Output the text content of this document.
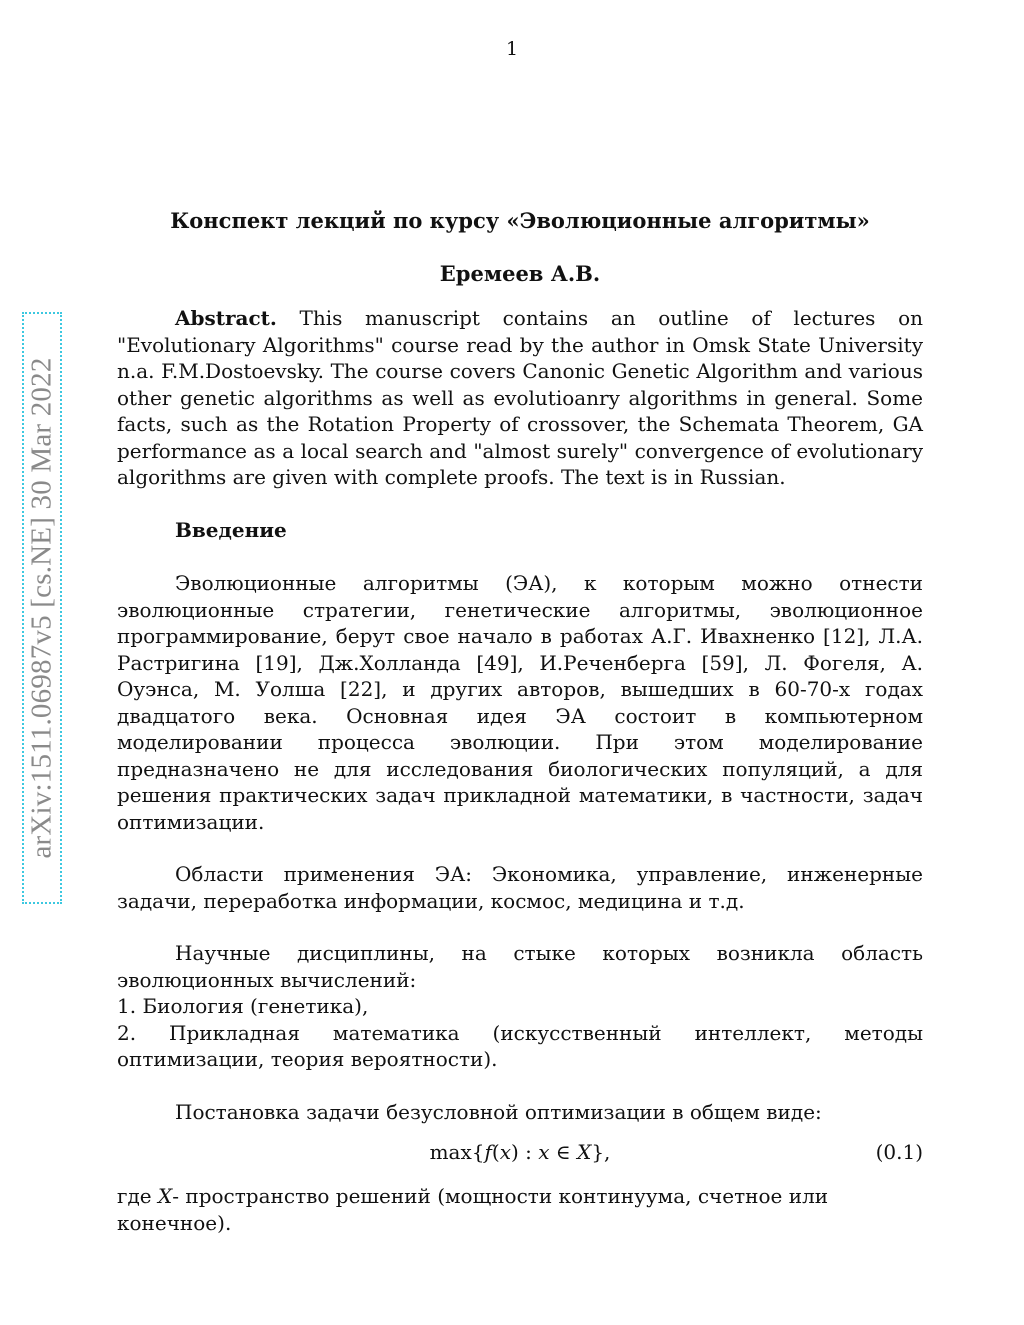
1
arXiv:1511.06987v5 [cs.NE] 30 Mar 2022
Конспект лекций по курсу «Эволюционные алгоритмы»
Еремеев А.В.

Abstract. This manuscript contains an outline of lectures on "Evolutionary Algorithms" course read by the author in Omsk State University n.a. F.M.Dostoevsky. The course covers Canonic Genetic Algorithm and various other genetic algorithms as well as evolutioanry algorithms in general. Some facts, such as the Rotation Property of crossover, the Schemata Theorem, GA performance as a local search and "almost surely" convergence of evolutionary algorithms are given with complete proofs. The text is in Russian.

Введение

Эволюционные алгоритмы (ЭА), к которым можно отнести эволюционные стратегии, генетические алгоритмы, эволюционное программирование, берут свое начало в работах А.Г. Ивахненко [12], Л.А. Растригина [19], Дж.Холланда [49], И.Реченберга [59], Л. Фогеля, А. Оуэнса, М. Уолша [22], и других авторов, вышедших в 60-70-х годах двадцатого века. Основная идея ЭА состоит в компьютерном моделировании процесса эволюции. При этом моделирование предназначено не для исследования биологических популяций, а для решения практических задач прикладной математики, в частности, задач оптимизации.

Области применения ЭА: Экономика, управление, инженерные задачи, переработка информации, космос, медицина и т.д.

Научные дисциплины, на стыке которых возникла область эволюционных вычислений:

1. Биология (генетика),

2. Прикладная математика (искусственный интеллект, методы оптимизации, теория вероятности).

Постановка задачи безусловной оптимизации в общем виде:

max{f(x) : x ∈ X},	(0.1)

где X- пространство решений (мощности континуума, счетное или конечное).
